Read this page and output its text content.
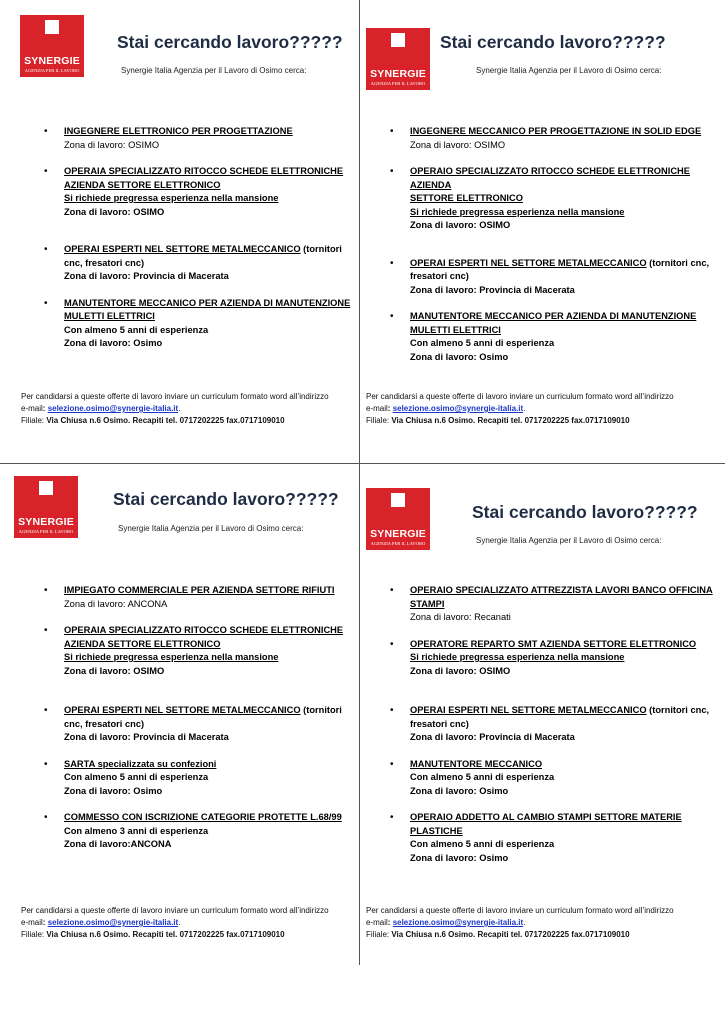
SYNERGIE
AGENZIA PER IL LAVORO
Stai cercando lavoro?????
Synergie Italia Agenzia per il Lavoro di Osimo cerca:
• INGEGNERE ELETTRONICO PER PROGETTAZIONE
Zona di lavoro: OSIMO
• OPERAIA SPECIALIZZATO RITOCCO SCHEDE ELETTRONICHE
AZIENDA SETTORE ELETTRONICO
Si richiede pregressa esperienza nella mansione
Zona di lavoro: OSIMO
• OPERAI ESPERTI NEL SETTORE METALMECCANICO (tornitori
cnc, fresatori cnc)
Zona di lavoro: Provincia di Macerata
• MANUTENTORE MECCANICO PER AZIENDA DI MANUTENZIONE
MULETTI ELETTRICI
Con almeno 5 anni di esperienza
Zona di lavoro: Osimo
Per candidarsi a queste offerte di lavoro inviare un curriculum formato word all’indirizzo
e-mail: selezione.osimo@synergie-italia.it.
Filiale: Via Chiusa n.6 Osimo. Recapiti tel. 0717202225 fax.0717109010
SYNERGIE
AGENZIA PER IL LAVORO
Stai cercando lavoro?????
Synergie Italia Agenzia per il Lavoro di Osimo cerca:
• INGEGNERE MECCANICO PER PROGETTAZIONE IN SOLID EDGE
Zona di lavoro: OSIMO
• OPERAIO SPECIALIZZATO RITOCCO SCHEDE ELETTRONICHE AZIENDA
SETTORE ELETTRONICO
Si richiede pregressa esperienza nella mansione
Zona di lavoro: OSIMO
• OPERAI ESPERTI NEL SETTORE METALMECCANICO (tornitori cnc,
fresatori cnc)
Zona di lavoro: Provincia di Macerata
• MANUTENTORE MECCANICO PER AZIENDA DI MANUTENZIONE
MULETTI ELETTRICI
Con almeno 5 anni di esperienza
Zona di lavoro: Osimo
Per candidarsi a queste offerte di lavoro inviare un curriculum formato word all’indirizzo
e-mail: selezione.osimo@synergie-italia.it.
Filiale: Via Chiusa n.6 Osimo. Recapiti tel. 0717202225 fax.0717109010
SYNERGIE
AGENZIA PER IL LAVORO
Stai cercando lavoro?????
Synergie Italia Agenzia per il Lavoro di Osimo cerca:
• IMPIEGATO COMMERCIALE PER AZIENDA SETTORE RIFIUTI
Zona di lavoro: ANCONA
• OPERAIA SPECIALIZZATO RITOCCO SCHEDE ELETTRONICHE
AZIENDA SETTORE ELETTRONICO
Si richiede pregressa esperienza nella mansione
Zona di lavoro: OSIMO
• OPERAI ESPERTI NEL SETTORE METALMECCANICO (tornitori
cnc, fresatori cnc)
Zona di lavoro: Provincia di Macerata
• SARTA specializzata su confezioni
Con almeno 5 anni di esperienza
Zona di lavoro: Osimo
• COMMESSO CON ISCRIZIONE CATEGORIE PROTETTE L.68/99
Con almeno 3 anni di esperienza
Zona di lavoro:ANCONA
Per candidarsi a queste offerte di lavoro inviare un curriculum formato word all’indirizzo
e-mail: selezione.osimo@synergie-italia.it.
Filiale: Via Chiusa n.6 Osimo. Recapiti tel. 0717202225 fax.0717109010
SYNERGIE
AGENZIA PER IL LAVORO
Stai cercando lavoro?????
Synergie Italia Agenzia per il Lavoro di Osimo cerca:
• OPERAIO SPECIALIZZATO ATTREZZISTA LAVORI BANCO OFFICINA
STAMPI
Zona di lavoro: Recanati
• OPERATORE REPARTO SMT AZIENDA SETTORE ELETTRONICO
Si richiede pregressa esperienza nella mansione
Zona di lavoro: OSIMO
• OPERAI ESPERTI NEL SETTORE METALMECCANICO (tornitori cnc,
fresatori cnc)
Zona di lavoro: Provincia di Macerata
• MANUTENTORE MECCANICO
Con almeno 5 anni di esperienza
Zona di lavoro: Osimo
• OPERAIO ADDETTO AL CAMBIO STAMPI SETTORE MATERIE
PLASTICHE
Con almeno 5 anni di esperienza
Zona di lavoro: Osimo
Per candidarsi a queste offerte di lavoro inviare un curriculum formato word all’indirizzo
e-mail: selezione.osimo@synergie-italia.it.
Filiale: Via Chiusa n.6 Osimo. Recapiti tel. 0717202225 fax.0717109010
